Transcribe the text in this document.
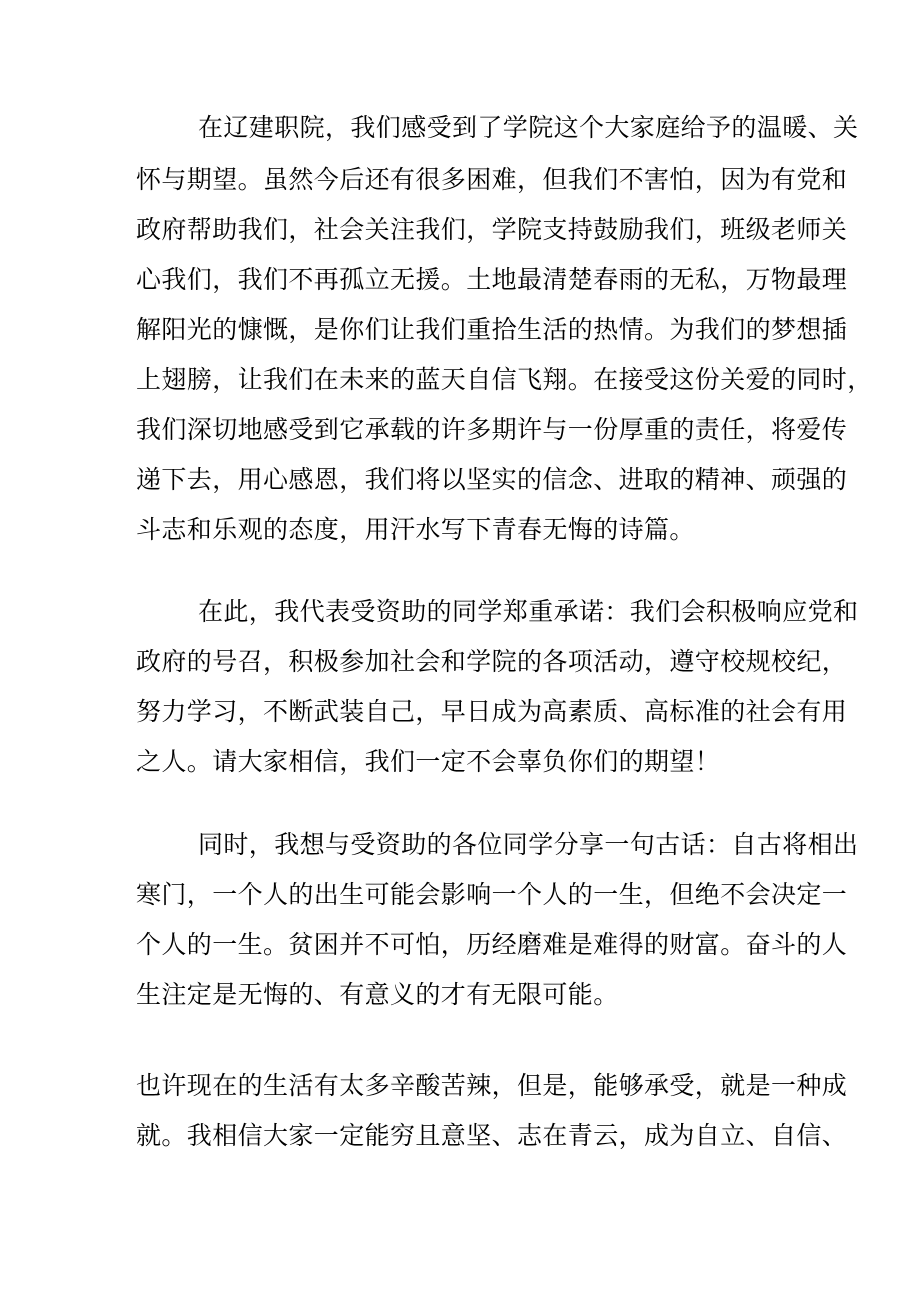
在辽建职院，我们感受到了学院这个大家庭给予的温暖、关
怀与期望。虽然今后还有很多困难，但我们不害怕，因为有党和
政府帮助我们，社会关注我们，学院支持鼓励我们，班级老师关
心我们，我们不再孤立无援。土地最清楚春雨的无私，万物最理
解阳光的慷慨，是你们让我们重拾生活的热情。为我们的梦想插
上翅膀，让我们在未来的蓝天自信飞翔。在接受这份关爱的同时，
我们深切地感受到它承载的许多期许与一份厚重的责任，将爱传
递下去，用心感恩，我们将以坚实的信念、进取的精神、顽强的
斗志和乐观的态度，用汗水写下青春无悔的诗篇。
在此，我代表受资助的同学郑重承诺：我们会积极响应党和
政府的号召，积极参加社会和学院的各项活动，遵守校规校纪，
努力学习，不断武装自己，早日成为高素质、高标准的社会有用
之人。请大家相信，我们一定不会辜负你们的期望！
同时，我想与受资助的各位同学分享一句古话：自古将相出
寒门，一个人的出生可能会影响一个人的一生，但绝不会决定一
个人的一生。贫困并不可怕，历经磨难是难得的财富。奋斗的人
生注定是无悔的、有意义的才有无限可能。
也许现在的生活有太多辛酸苦辣，但是，能够承受，就是一种成
就。我相信大家一定能穷且意坚、志在青云，成为自立、自信、
